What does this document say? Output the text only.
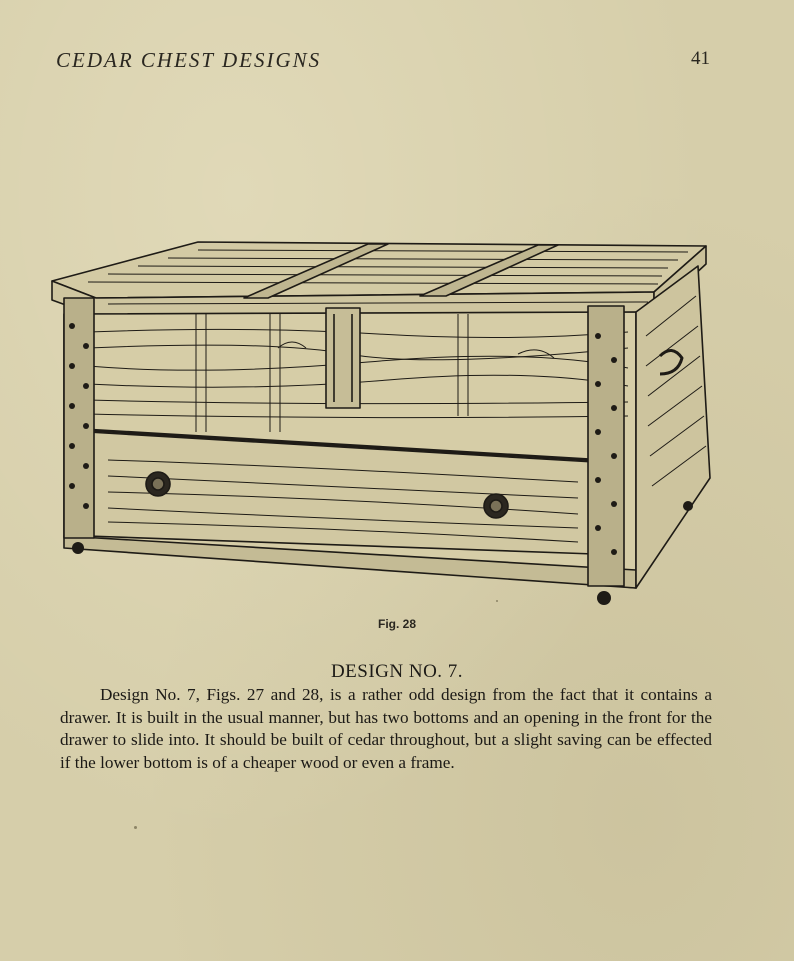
CEDAR CHEST DESIGNS	41
Fig. 28
DESIGN NO. 7.

Design No. 7, Figs. 27 and 28, is a rather odd design from the fact that it contains a drawer. It is built in the usual manner, but has two bottoms and an opening in the front for the drawer to slide into. It should be built of cedar throughout, but a slight saving can be effected if the lower bottom is of a cheaper wood or even a frame.
